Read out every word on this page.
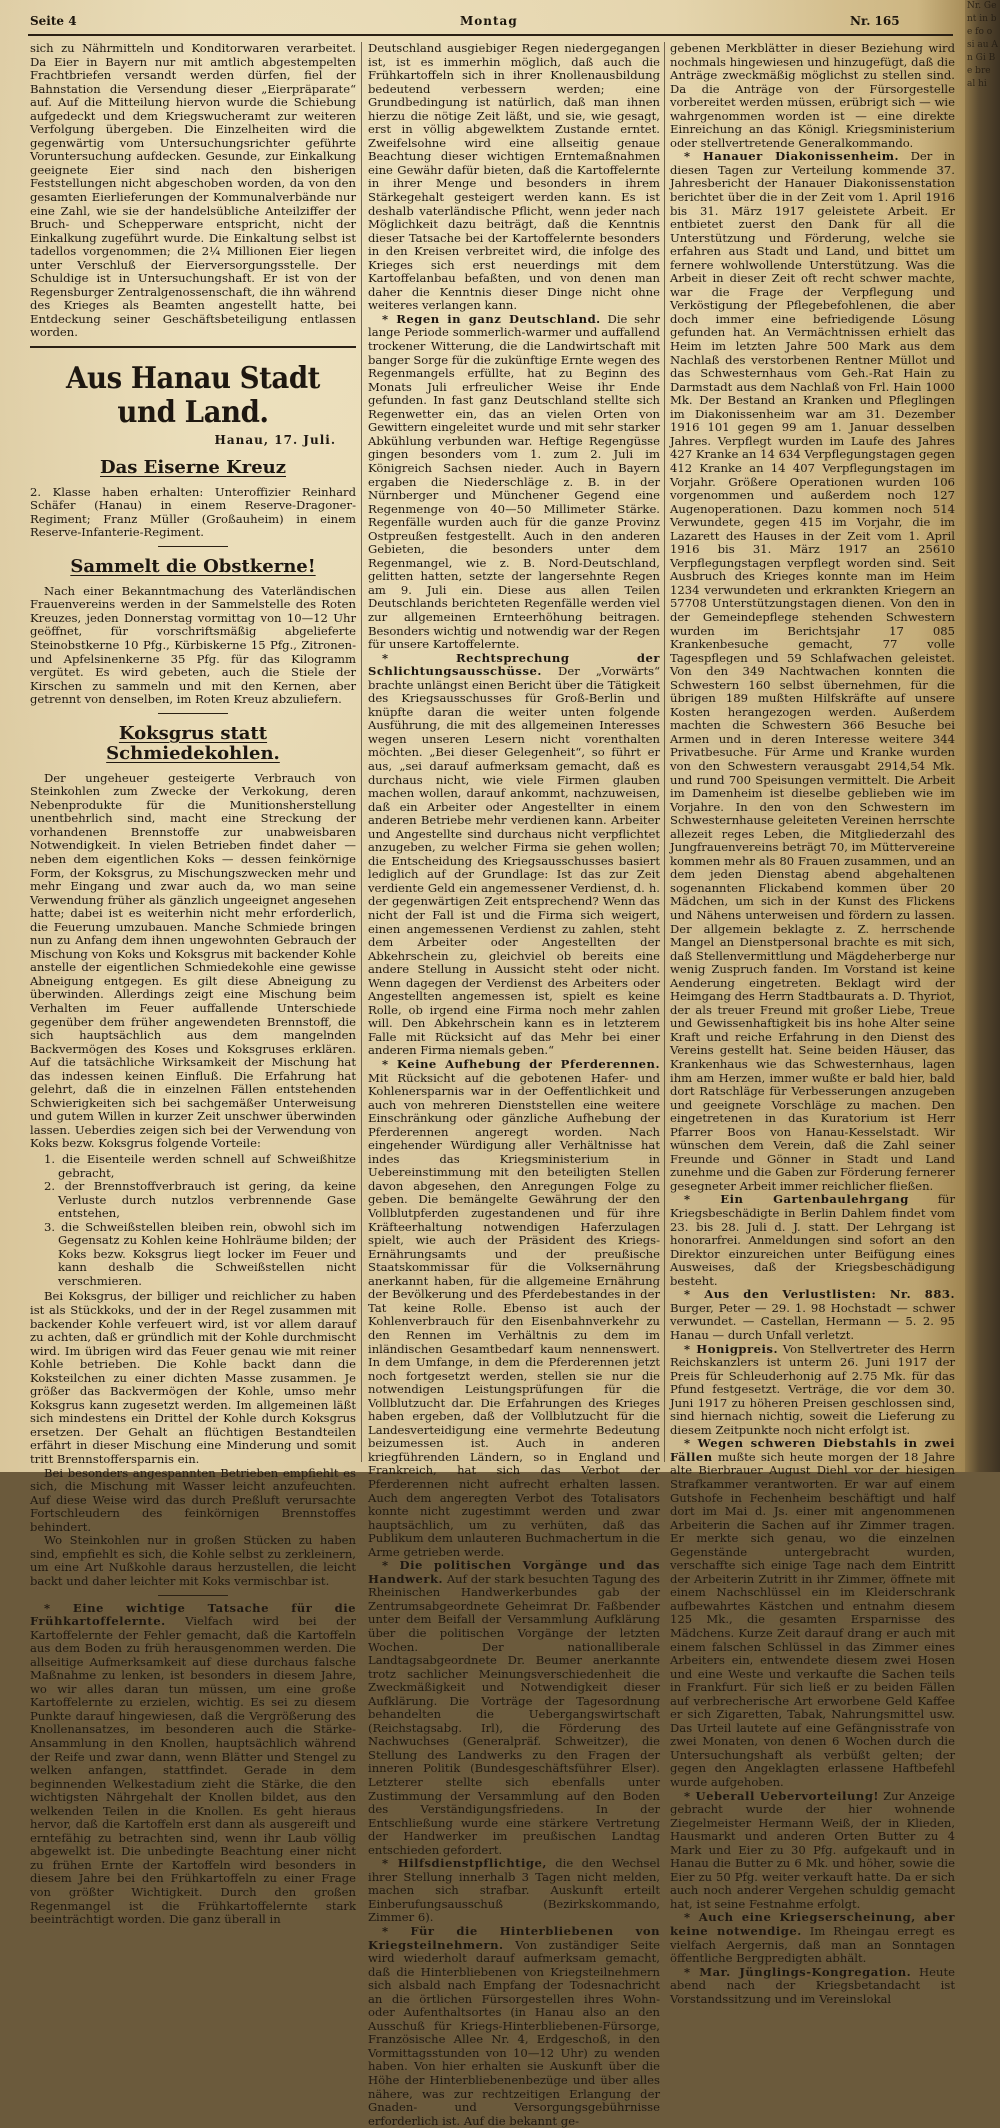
Seite 4	Montag	Nr. 165

sich zu Nährmitteln und Konditorwaren verarbeitet. Da Eier in Bayern nur mit amtlich abgestempelten Frachtbriefen versandt werden dürfen, fiel der Bahnstation die Versendung dieser „Eierpräparate“ auf. Auf die Mitteilung hiervon wurde die Schiebung aufgedeckt und dem Kriegswucheramt zur weiteren Verfolgung übergeben. Die Einzelheiten wird die gegenwärtig vom Untersuchungsrichter geführte Voruntersuchung aufdecken. Gesunde, zur Einkalkung geeignete Eier sind nach den bisherigen Feststellungen nicht abgeschoben worden, da von den gesamten Eierlieferungen der Kommunalverbände nur eine Zahl, wie sie der handelsübliche Anteilziffer der Bruch- und Schepperware entspricht, nicht der Einkalkung zugeführt wurde. Die Einkaltung selbst ist tadellos vorgenommen; die 2¼ Millionen Eier liegen unter Verschluß der Eierversorgungsstelle. Der Schuldige ist in Untersuchungshaft. Er ist von der Regensburger Zentralgenossenschaft, die ihn während des Krieges als Beamten angestellt hatte, bei Entdeckung seiner Geschäftsbeteiligung entlassen worden.

Aus Hanau Stadt und Land.
Hanau, 17. Juli.
Das Eiserne Kreuz

2. Klasse haben erhalten: Unteroffizier Reinhard Schäfer (Hanau) in einem Reserve-Dragoner-Regiment; Franz Müller (Großauheim) in einem Reserve-Infanterie-Regiment.

Sammelt die Obstkerne!

Nach einer Bekanntmachung des Vaterländischen Frauenvereins werden in der Sammelstelle des Roten Kreuzes, jeden Donnerstag vormittag von 10—12 Uhr geöffnet, für vorschriftsmäßig abgelieferte Steinobstkerne 10 Pfg., Kürbiskerne 15 Pfg., Zitronen- und Apfelsinenkerne 35 Pfg. für das Kilogramm vergütet. Es wird gebeten, auch die Stiele der Kirschen zu sammeln und mit den Kernen, aber getrennt von denselben, im Roten Kreuz abzuliefern.

Koksgrus statt Schmiedekohlen.

Der ungeheuer gesteigerte Verbrauch von Steinkohlen zum Zwecke der Verkokung, deren Nebenprodukte für die Munitionsherstellung unentbehrlich sind, macht eine Streckung der vorhandenen Brennstoffe zur unabweisbaren Notwendigkeit. In vielen Betrieben findet daher — neben dem eigentlichen Koks — dessen feinkörnige Form, der Koksgrus, zu Mischungszwecken mehr und mehr Eingang und zwar auch da, wo man seine Verwendung früher als gänzlich ungeeignet angesehen hatte; dabei ist es weiterhin nicht mehr erforderlich, die Feuerung umzubauen. Manche Schmiede bringen nun zu Anfang dem ihnen ungewohnten Gebrauch der Mischung von Koks und Koksgrus mit backender Kohle anstelle der eigentlichen Schmiedekohle eine gewisse Abneigung entgegen. Es gilt diese Abneigung zu überwinden. Allerdings zeigt eine Mischung beim Verhalten im Feuer auffallende Unterschiede gegenüber dem früher angewendeten Brennstoff, die sich hauptsächlich aus dem mangelnden Backvermögen des Koses und Koksgruses erklären. Auf die tatsächliche Wirksamkeit der Mischung hat das indessen keinen Einfluß. Die Erfahrung hat gelehrt, daß die in einzelnen Fällen entstehenden Schwierigkeiten sich bei sachgemäßer Unterweisung und gutem Willen in kurzer Zeit unschwer überwinden lassen. Ueberdies zeigen sich bei der Verwendung von Koks bezw. Koksgrus folgende Vorteile:

1. die Eisenteile werden schnell auf Schweißhitze gebracht,
2. der Brennstoffverbrauch ist gering, da keine Verluste durch nutzlos verbrennende Gase entstehen,
3. die Schweißstellen bleiben rein, obwohl sich im Gegensatz zu Kohlen keine Hohlräume bilden; der Koks bezw. Koksgrus liegt locker im Feuer und kann deshalb die Schweißstellen nicht verschmieren.

Bei Koksgrus, der billiger und reichlicher zu haben ist als Stückkoks, und der in der Regel zusammen mit backender Kohle verfeuert wird, ist vor allem darauf zu achten, daß er gründlich mit der Kohle durchmischt wird. Im übrigen wird das Feuer genau wie mit reiner Kohle betrieben. Die Kohle backt dann die Koksteilchen zu einer dichten Masse zusammen. Je größer das Backvermögen der Kohle, umso mehr Koksgrus kann zugesetzt werden. Im allgemeinen läßt sich mindestens ein Drittel der Kohle durch Koksgrus ersetzen. Der Gehalt an flüchtigen Bestandteilen erfährt in dieser Mischung eine Minderung und somit tritt Brennstoffersparnis ein.

Bei besonders angespannten Betrieben empfiehlt es sich, die Mischung mit Wasser leicht anzufeuchten. Auf diese Weise wird das durch Preßluft verursachte Fortschleudern des feinkörnigen Brennstoffes behindert.

Wo Steinkohlen nur in großen Stücken zu haben sind, empfiehlt es sich, die Kohle selbst zu zerkleinern, um eine Art Nußkohle daraus herzustellen, die leicht backt und daher leichter mit Koks vermischbar ist.

* Eine wichtige Tatsache für die Frühkartoffelernte. Vielfach wird bei der Kartoffelernte der Fehler gemacht, daß die Kartoffeln aus dem Boden zu früh herausgenommen werden. Die allseitige Aufmerksamkeit auf diese durchaus falsche Maßnahme zu lenken, ist besonders in diesem Jahre, wo wir alles daran tun müssen, um eine große Kartoffelernte zu erzielen, wichtig. Es sei zu diesem Punkte darauf hingewiesen, daß die Vergrößerung des Knollenansatzes, im besonderen auch die Stärke-Ansammlung in den Knollen, hauptsächlich während der Reife und zwar dann, wenn Blätter und Stengel zu welken anfangen, stattfindet. Gerade in dem beginnenden Welkestadium zieht die Stärke, die den wichtigsten Nährgehalt der Knollen bildet, aus den welkenden Teilen in die Knollen. Es geht hieraus hervor, daß die Kartoffeln erst dann als ausgereift und erntefähig zu betrachten sind, wenn ihr Laub völlig abgewelkt ist. Die unbedingte Beachtung einer nicht zu frühen Ernte der Kartoffeln wird besonders in diesem Jahre bei den Frühkartoffeln zu einer Frage von größter Wichtigkeit. Durch den großen Regenmangel ist die Frühkartoffelernte stark beeinträchtigt worden. Die ganz überall in

Deutschland ausgiebiger Regen niedergegangen ist, ist es immerhin möglich, daß auch die Frühkartoffeln sich in ihrer Knollenausbildung bedeutend verbessern werden; eine Grundbedingung ist natürlich, daß man ihnen hierzu die nötige Zeit läßt, und sie, wie gesagt, erst in völlig abgewelktem Zustande erntet. Zweifelsohne wird eine allseitig genaue Beachtung dieser wichtigen Erntemaßnahmen eine Gewähr dafür bieten, daß die Kartoffelernte in ihrer Menge und besonders in ihrem Stärkegehalt gesteigert werden kann. Es ist deshalb vaterländische Pflicht, wenn jeder nach Möglichkeit dazu beiträgt, daß die Kenntnis dieser Tatsache bei der Kartoffelernte besonders in den Kreisen verbreitet wird, die infolge des Krieges sich erst neuerdings mit dem Kartoffelanbau befaßten, und von denen man daher die Kenntnis dieser Dinge nicht ohne weiteres verlangen kann.

* Regen in ganz Deutschland. Die sehr lange Periode sommerlich-warmer und auffallend trockener Witterung, die die Landwirtschaft mit banger Sorge für die zukünftige Ernte wegen des Regenmangels erfüllte, hat zu Beginn des Monats Juli erfreulicher Weise ihr Ende gefunden. In fast ganz Deutschland stellte sich Regenwetter ein, das an vielen Orten von Gewittern eingeleitet wurde und mit sehr starker Abkühlung verbunden war. Heftige Regengüsse gingen besonders vom 1. zum 2. Juli im Königreich Sachsen nieder. Auch in Bayern ergaben die Niederschläge z. B. in der Nürnberger und Münchener Gegend eine Regenmenge von 40—50 Millimeter Stärke. Regenfälle wurden auch für die ganze Provinz Ostpreußen festgestellt. Auch in den anderen Gebieten, die besonders unter dem Regenmangel, wie z. B. Nord-Deutschland, gelitten hatten, setzte der langersehnte Regen am 9. Juli ein. Diese aus allen Teilen Deutschlands berichteten Regenfälle werden viel zur allgemeinen Ernteerhöhung beitragen. Besonders wichtig und notwendig war der Regen für unsere Kartoffelernte.

* Rechtsprechung der Schlichtungsausschüsse. Der „Vorwärts“ brachte unlängst einen Bericht über die Tätigkeit des Kriegsausschusses für Groß-Berlin und knüpfte daran die weiter unten folgende Ausführung, die mit des allgemeinen Interesses wegen unseren Lesern nicht vorenthalten möchten. „Bei dieser Gelegenheit“, so führt er aus, „sei darauf aufmerksam gemacht, daß es durchaus nicht, wie viele Firmen glauben machen wollen, darauf ankommt, nachzuweisen, daß ein Arbeiter oder Angestellter in einem anderen Betriebe mehr verdienen kann. Arbeiter und Angestellte sind durchaus nicht verpflichtet anzugeben, zu welcher Firma sie gehen wollen; die Entscheidung des Kriegsausschusses basiert lediglich auf der Grundlage: Ist das zur Zeit verdiente Geld ein angemessener Verdienst, d. h. der gegenwärtigen Zeit entsprechend? Wenn das nicht der Fall ist und die Firma sich weigert, einen angemessenen Verdienst zu zahlen, steht dem Arbeiter oder Angestellten der Abkehrschein zu, gleichviel ob bereits eine andere Stellung in Aussicht steht oder nicht. Wenn dagegen der Verdienst des Arbeiters oder Angestellten angemessen ist, spielt es keine Rolle, ob irgend eine Firma noch mehr zahlen will. Den Abkehrschein kann es in letzterem Falle mit Rücksicht auf das Mehr bei einer anderen Firma niemals geben.“

* Keine Aufhebung der Pferderennen. Mit Rücksicht auf die gebotenen Hafer- und Kohlenersparnis war in der Oeffentlichkeit und auch von mehreren Dienststellen eine weitere Einschränkung oder gänzliche Aufhebung der Pferderennen angeregt worden. Nach eingehender Würdigung aller Verhältnisse hat indes das Kriegsministerium in Uebereinstimmung mit den beteiligten Stellen davon abgesehen, den Anregungen Folge zu geben. Die bemängelte Gewährung der den Vollblutpferden zugestandenen und für ihre Kräfteerhaltung notwendigen Haferzulagen spielt, wie auch der Präsident des Kriegs-Ernährungsamts und der preußische Staatskommissar für die Volksernährung anerkannt haben, für die allgemeine Ernährung der Bevölkerung und des Pferdebestandes in der Tat keine Rolle. Ebenso ist auch der Kohlenverbrauch für den Eisenbahnverkehr zu den Rennen im Verhältnis zu dem im inländischen Gesamtbedarf kaum nennenswert. In dem Umfange, in dem die Pferderennen jetzt noch fortgesetzt werden, stellen sie nur die notwendigen Leistungsprüfungen für die Vollblutzucht dar. Die Erfahrungen des Krieges haben ergeben, daß der Vollblutzucht für die Landesverteidigung eine vermehrte Bedeutung beizumessen ist. Auch in anderen kriegführenden Ländern, so in England und Frankreich, hat sich das Verbot der Pferderennen nicht aufrecht erhalten lassen. Auch dem angeregten Verbot des Totalisators konnte nicht zugestimmt werden und zwar hauptsächlich, um zu verhüten, daß das Publikum dem unlauteren Buchmachertum in die Arme getrieben werde.

* Die politischen Vorgänge und das Handwerk. Auf der stark besuchten Tagung des Rheinischen Handwerkerbundes gab der Zentrumsabgeordnete Geheimrat Dr. Faßbender unter dem Beifall der Versammlung Aufklärung über die politischen Vorgänge der letzten Wochen. Der nationalliberale Landtagsabgeordnete Dr. Beumer anerkannte trotz sachlicher Meinungsverschiedenheit die Zweckmäßigkeit und Notwendigkeit dieser Aufklärung. Die Vorträge der Tagesordnung behandelten die Uebergangswirtschaft (Reichstagsabg. Irl), die Förderung des Nachwuchses (Generalpräf. Schweitzer), die Stellung des Landwerks zu den Fragen der inneren Politik (Bundesgeschäftsführer Elser). Letzterer stellte sich ebenfalls unter Zustimmung der Versammlung auf den Boden des Verständigungsfriedens. In der Entschließung wurde eine stärkere Vertretung der Handwerker im preußischen Landtag entschieden gefordert.

* Hilfsdienstpflichtige, die den Wechsel ihrer Stellung innerhalb 3 Tagen nicht melden, machen sich strafbar. Auskunft erteilt Einberufungsausschuß (Bezirkskommando, Zimmer 6).

* Für die Hinterbliebenen von Kriegsteilnehmern. Von zuständiger Seite wird wiederholt darauf aufmerksam gemacht, daß die Hinterbliebenen von Kriegsteilnehmern sich alsbald nach Empfang der Todesnachricht an die örtlichen Fürsorgestellen ihres Wohn- oder Aufenthaltsortes (in Hanau also an den Ausschuß für Kriegs-Hinterbliebenen-Fürsorge, Französische Allee Nr. 4, Erdgeschoß, in den Vormittagsstunden von 10—12 Uhr) zu wenden haben. Von hier erhalten sie Auskunft über die Höhe der Hinterbliebenenbezüge und über alles nähere, was zur rechtzeitigen Erlangung der Gnaden- und Versorgungsgebührnisse erforderlich ist. Auf die bekannt ge-

gebenen Merkblätter in dieser Beziehung wird nochmals hingewiesen und hinzugefügt, daß die Anträge zweckmäßig möglichst zu stellen sind. Da die Anträge von der Fürsorgestelle vorbereitet werden müssen, erübrigt sich — wie wahrgenommen worden ist — eine direkte Einreichung an das Königl. Kriegsministerium oder stellvertretende Generalkommando.

* Hanauer Diakonissenheim. Der in diesen Tagen zur Verteilung kommende 37. Jahresbericht der Hanauer Diakonissenstation berichtet über die in der Zeit vom 1. April 1916 bis 31. März 1917 geleistete Arbeit. Er entbietet zuerst den Dank für all die Unterstützung und Förderung, welche sie erfahren aus Stadt und Land, und bittet um fernere wohlwollende Unterstützung. Was die Arbeit in dieser Zeit oft recht schwer machte, war die Frage der Verpflegung und Verköstigung der Pflegebefohlenen, die aber doch immer eine befriedigende Lösung gefunden hat. An Vermächtnissen erhielt das Heim im letzten Jahre 500 Mark aus dem Nachlaß des verstorbenen Rentner Müllot und das Schwesternhaus vom Geh.-Rat Hain zu Darmstadt aus dem Nachlaß von Frl. Hain 1000 Mk. Der Bestand an Kranken und Pfleglingen im Diakonissenheim war am 31. Dezember 1916 101 gegen 99 am 1. Januar desselben Jahres. Verpflegt wurden im Laufe des Jahres 427 Kranke an 14 634 Verpflegungstagen gegen 412 Kranke an 14 407 Verpflegungstagen im Vorjahr. Größere Operationen wurden 106 vorgenommen und außerdem noch 127 Augenoperationen. Dazu kommen noch 514 Verwundete, gegen 415 im Vorjahr, die im Lazarett des Hauses in der Zeit vom 1. April 1916 bis 31. März 1917 an 25610 Verpflegungstagen verpflegt worden sind. Seit Ausbruch des Krieges konnte man im Heim 1234 verwundeten und erkrankten Kriegern an 57708 Unterstützungstagen dienen. Von den in der Gemeindepflege stehenden Schwestern wurden im Berichtsjahr 17 085 Krankenbesuche gemacht, 77 volle Tagespflegen und 59 Schlafwachen geleistet. Von den 349 Nachtwachen konnten die Schwestern 160 selbst übernehmen, für die übrigen 189 mußten Hilfskräfte auf unsere Kosten herangezogen werden. Außerdem machten die Schwestern 366 Besuche bei Armen und in deren Interesse weitere 344 Privatbesuche. Für Arme und Kranke wurden von den Schwestern verausgabt 2914,54 Mk. und rund 700 Speisungen vermittelt. Die Arbeit im Damenheim ist dieselbe geblieben wie im Vorjahre. In den von den Schwestern im Schwesternhause geleiteten Vereinen herrschte allezeit reges Leben, die Mitgliederzahl des Jungfrauenvereins beträgt 70, im Müttervereine kommen mehr als 80 Frauen zusammen, und an dem jeden Dienstag abend abgehaltenen sogenannten Flickabend kommen über 20 Mädchen, um sich in der Kunst des Flickens und Nähens unterweisen und fördern zu lassen. Der allgemein beklagte z. Z. herrschende Mangel an Dienstpersonal brachte es mit sich, daß Stellenvermittlung und Mägdeherberge nur wenig Zuspruch fanden. Im Vorstand ist keine Aenderung eingetreten. Beklagt wird der Heimgang des Herrn Stadtbaurats a. D. Thyriot, der als treuer Freund mit großer Liebe, Treue und Gewissenhaftigkeit bis ins hohe Alter seine Kraft und reiche Erfahrung in den Dienst des Vereins gestellt hat. Seine beiden Häuser, das Krankenhaus wie das Schwesternhaus, lagen ihm am Herzen, immer wußte er bald hier, bald dort Ratschläge für Verbesserungen anzugeben und geeignete Vorschläge zu machen. Den eingetretenen in das Kuratorium ist Herr Pfarrer Boos von Hanau-Kesselstadt. Wir wünschen dem Verein, daß die Zahl seiner Freunde und Gönner in Stadt und Land zunehme und die Gaben zur Förderung fernerer gesegneter Arbeit immer reichlicher fließen.

* Ein Gartenbaulehrgang für Kriegsbeschädigte in Berlin Dahlem findet vom 23. bis 28. Juli d. J. statt. Der Lehrgang ist honorarfrei. Anmeldungen sind sofort an den Direktor einzureichen unter Beifügung eines Ausweises, daß der Kriegsbeschädigung besteht.

* Aus den Verlustlisten: Nr. 883. Burger, Peter — 29. 1. 98 Hochstadt — schwer verwundet. — Castellan, Hermann — 5. 2. 95 Hanau — durch Unfall verletzt.

* Honigpreis. Von Stellvertreter des Herrn Reichskanzlers ist unterm 26. Juni 1917 der Preis für Schleuderhonig auf 2.75 Mk. für das Pfund festgesetzt. Verträge, die vor dem 30. Juni 1917 zu höheren Preisen geschlossen sind, sind hiernach nichtig, soweit die Lieferung zu diesem Zeitpunkte noch nicht erfolgt ist.

* Wegen schweren Diebstahls in zwei Fällen mußte sich heute morgen der 18 Jahre alte Bierbrauer August Diehl vor der hiesigen Strafkammer verantworten. Er war auf einem Gutshofe in Fechenheim beschäftigt und half dort im Mai d. Js. einer mit angenommenen Arbeiterin die Sachen auf ihr Zimmer tragen. Er merkte sich genau, wo die einzelnen Gegenstände untergebracht wurden, verschaffte sich einige Tage nach dem Eintritt der Arbeiterin Zutritt in ihr Zimmer, öffnete mit einem Nachschlüssel ein im Kleiderschrank aufbewahrtes Kästchen und entnahm diesem 125 Mk., die gesamten Ersparnisse des Mädchens. Kurze Zeit darauf drang er auch mit einem falschen Schlüssel in das Zimmer eines Arbeiters ein, entwendete diesem zwei Hosen und eine Weste und verkaufte die Sachen teils in Frankfurt. Für sich ließ er zu beiden Fällen auf verbrecherische Art erworbene Geld Kaffee er sich Zigaretten, Tabak, Nahrungsmittel usw. Das Urteil lautete auf eine Gefängnisstrafe von zwei Monaten, von denen 6 Wochen durch die Untersuchungshaft als verbüßt gelten; der gegen den Angeklagten erlassene Haftbefehl wurde aufgehoben.

* Ueberall Uebervorteilung! Zur Anzeige gebracht wurde der hier wohnende Ziegelmeister Hermann Weiß, der in Klieden, Hausmarkt und anderen Orten Butter zu 4 Mark und Eier zu 30 Pfg. aufgekauft und in Hanau die Butter zu 6 Mk. und höher, sowie die Eier zu 50 Pfg. weiter verkauft hatte. Da er sich auch noch anderer Vergehen schuldig gemacht hat, ist seine Festnahme erfolgt.

* Auch eine Kriegserscheinung, aber keine notwendige. Im Rheingau erregt es vielfach Aergernis, daß man an Sonntagen öffentliche Bergpredigten abhält.

* Mar. Jünglings-Kongregation. Heute abend nach der Kriegsbetandacht ist Vorstandssitzung und im Vereinslokal

Nr. Gent in be fo o si au An Gi Be bre al hi
